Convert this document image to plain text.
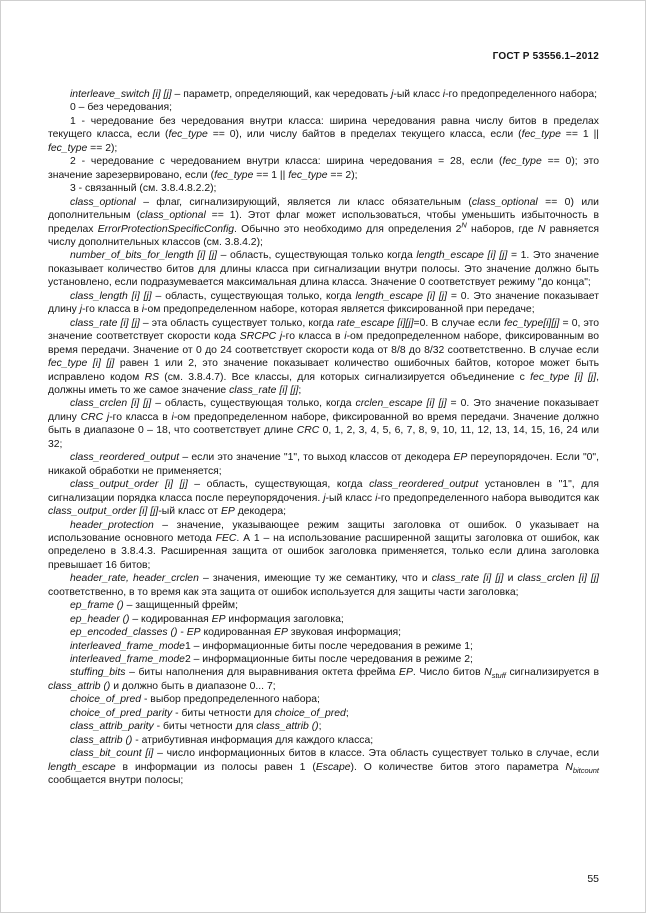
ГОСТ Р 53556.1–2012

interleave_switch [i] [j] – параметр, определяющий, как чередовать j-ый класс i-го предопределенного набора;

0 – без чередования;

1 - чередование без чередования внутри класса: ширина чередования равна числу битов в пределах текущего класса, если (fec_type == 0), или числу байтов в пределах текущего класса, если (fec_type == 1 || fec_type == 2);

2 - чередование с чередованием внутри класса: ширина чередования = 28, если (fec_type == 0); это значение зарезервировано, если (fec_type == 1 || fec_type == 2);

3 - связанный (см. 3.8.4.8.2.2);

class_optional – флаг, сигнализирующий, является ли класс обязательным (class_optional == 0) или дополнительным (class_optional == 1). Этот флаг может использоваться, чтобы уменьшить избыточность в пределах ErrorProtectionSpecificConfig. Обычно это необходимо для определения $2^N$ наборов, где N равняется числу дополнительных классов (см. 3.8.4.2);

number_of_bits_for_length [i] [j] – область, существующая только когда length_escape [i] [j] = 1. Это значение показывает количество битов для длины класса при сигнализации внутри полосы. Это значение должно быть установлено, если подразумевается максимальная длина класса. Значение 0 соответствует режиму "до конца";

class_length [i] [j] – область, существующая только, когда length_escape [i] [j] = 0. Это значение показывает длину j-го класса в i-ом предопределенном наборе, которая является фиксированной при передаче;

class_rate [i] [j] – эта область существует только, когда rate_escape [i][j]=0. В случае если fec_type[i][j] = 0, это значение соответствует скорости кода SRCPC j-го класса в i-ом предопределенном наборе, фиксированным во время передачи. Значение от 0 до 24 соответствует скорости кода от 8/8 до 8/32 соответственно. В случае если fec_type [i] [j] равен 1 или 2, это значение показывает количество ошибочных байтов, которое может быть исправлено кодом RS (см. 3.8.4.7). Все классы, для которых сигнализируется объединение с fec_type [i] [j], должны иметь то же самое значение class_rate [i] [j];

class_crclen [i] [j] – область, существующая только, когда crclen_escape [i] [j] = 0. Это значение показывает длину CRC j-го класса в i-ом предопределенном наборе, фиксированной во время передачи. Значение должно быть в диапазоне 0 – 18, что соответствует длине CRC 0, 1, 2, 3, 4, 5, 6, 7, 8, 9, 10, 11, 12, 13, 14, 15, 16, 24 или 32;

class_reordered_output – если это значение "1", то выход классов от декодера EP переупорядочен. Если "0", никакой обработки не применяется;

class_output_order [i] [j] – область, существующая, когда class_reordered_output установлен в "1", для сигнализации порядка класса после переупорядочения. j-ый класс i-го предопределенного набора выводится как class_output_order [i] [j]-ый класс от EP декодера;

header_protection – значение, указывающее режим защиты заголовка от ошибок. 0 указывает на использование основного метода FEC. А 1 – на использование расширенной защиты заголовка от ошибок, как определено в 3.8.4.3. Расширенная защита от ошибок заголовка применяется, только если длина заголовка превышает 16 битов;

header_rate, header_crclen – значения, имеющие ту же семантику, что и class_rate [i] [j] и class_crclen [i] [j] соответственно, в то время как эта защита от ошибок используется для защиты части заголовка;

ep_frame () – защищенный фрейм;

ep_header () – кодированная EP информация заголовка;

ep_encoded_classes () - EP кодированная EP звуковая информация;

interleaved_frame_mode1 – информационные биты после чередования в режиме 1;

interleaved_frame_mode2 – информационные биты после чередования в режиме 2;

stuffing_bits – биты наполнения для выравнивания октета фрейма EP. Число битов $N_{stuff}$ сигнализируется в class_attrib () и должно быть в диапазоне 0... 7;

choice_of_pred - выбор предопределенного набора;

choice_of_pred_parity - биты четности для choice_of_pred;

class_attrib_parity - биты четности для class_attrib ();

class_attrib () - атрибутивная информация для каждого класса;

class_bit_count [i] – число информационных битов в классе. Эта область существует только в случае, если length_escape в информации из полосы равен 1 (Escape). О количестве битов этого параметра $N_{bitcount}$ сообщается внутри полосы;

55
